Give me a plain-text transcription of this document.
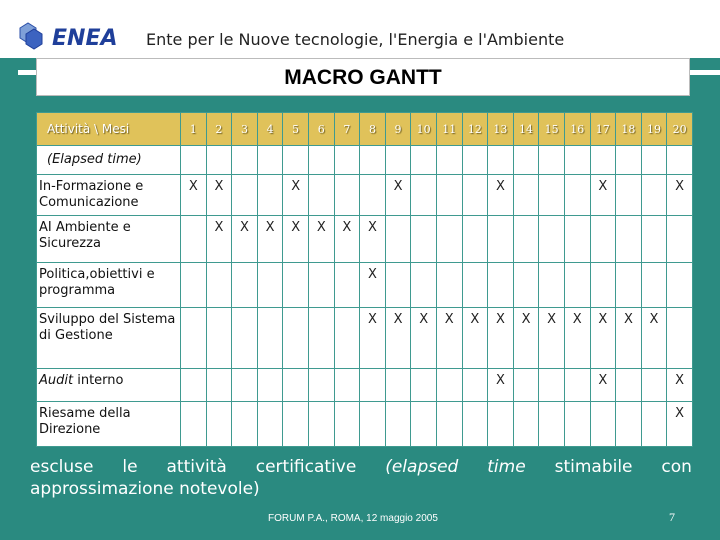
ENEA Ente per le Nuove tecnologie, l'Energia e l'Ambiente
MACRO GANTT
Attività \ Mesi	1	2	3	4	5	6	7	8	9	10	11	12	13	14	15	16	17	18	19	20
(Elapsed time)																				
In-Formazione e Comunicazione	X	X			X				X				X				X			X
AI Ambiente e Sicurezza		X	X	X	X	X	X	X												
Politica,obiettivi e programma								X												
Sviluppo del Sistema di Gestione								X	X	X	X	X	X	X	X	X	X	X	X	
Audit interno													X				X			X
Riesame della Direzione																				X
escluse le attività certificative (elapsed time stimabile con
approssimazione notevole)
FORUM P.A., ROMA, 12 maggio 2005	7
